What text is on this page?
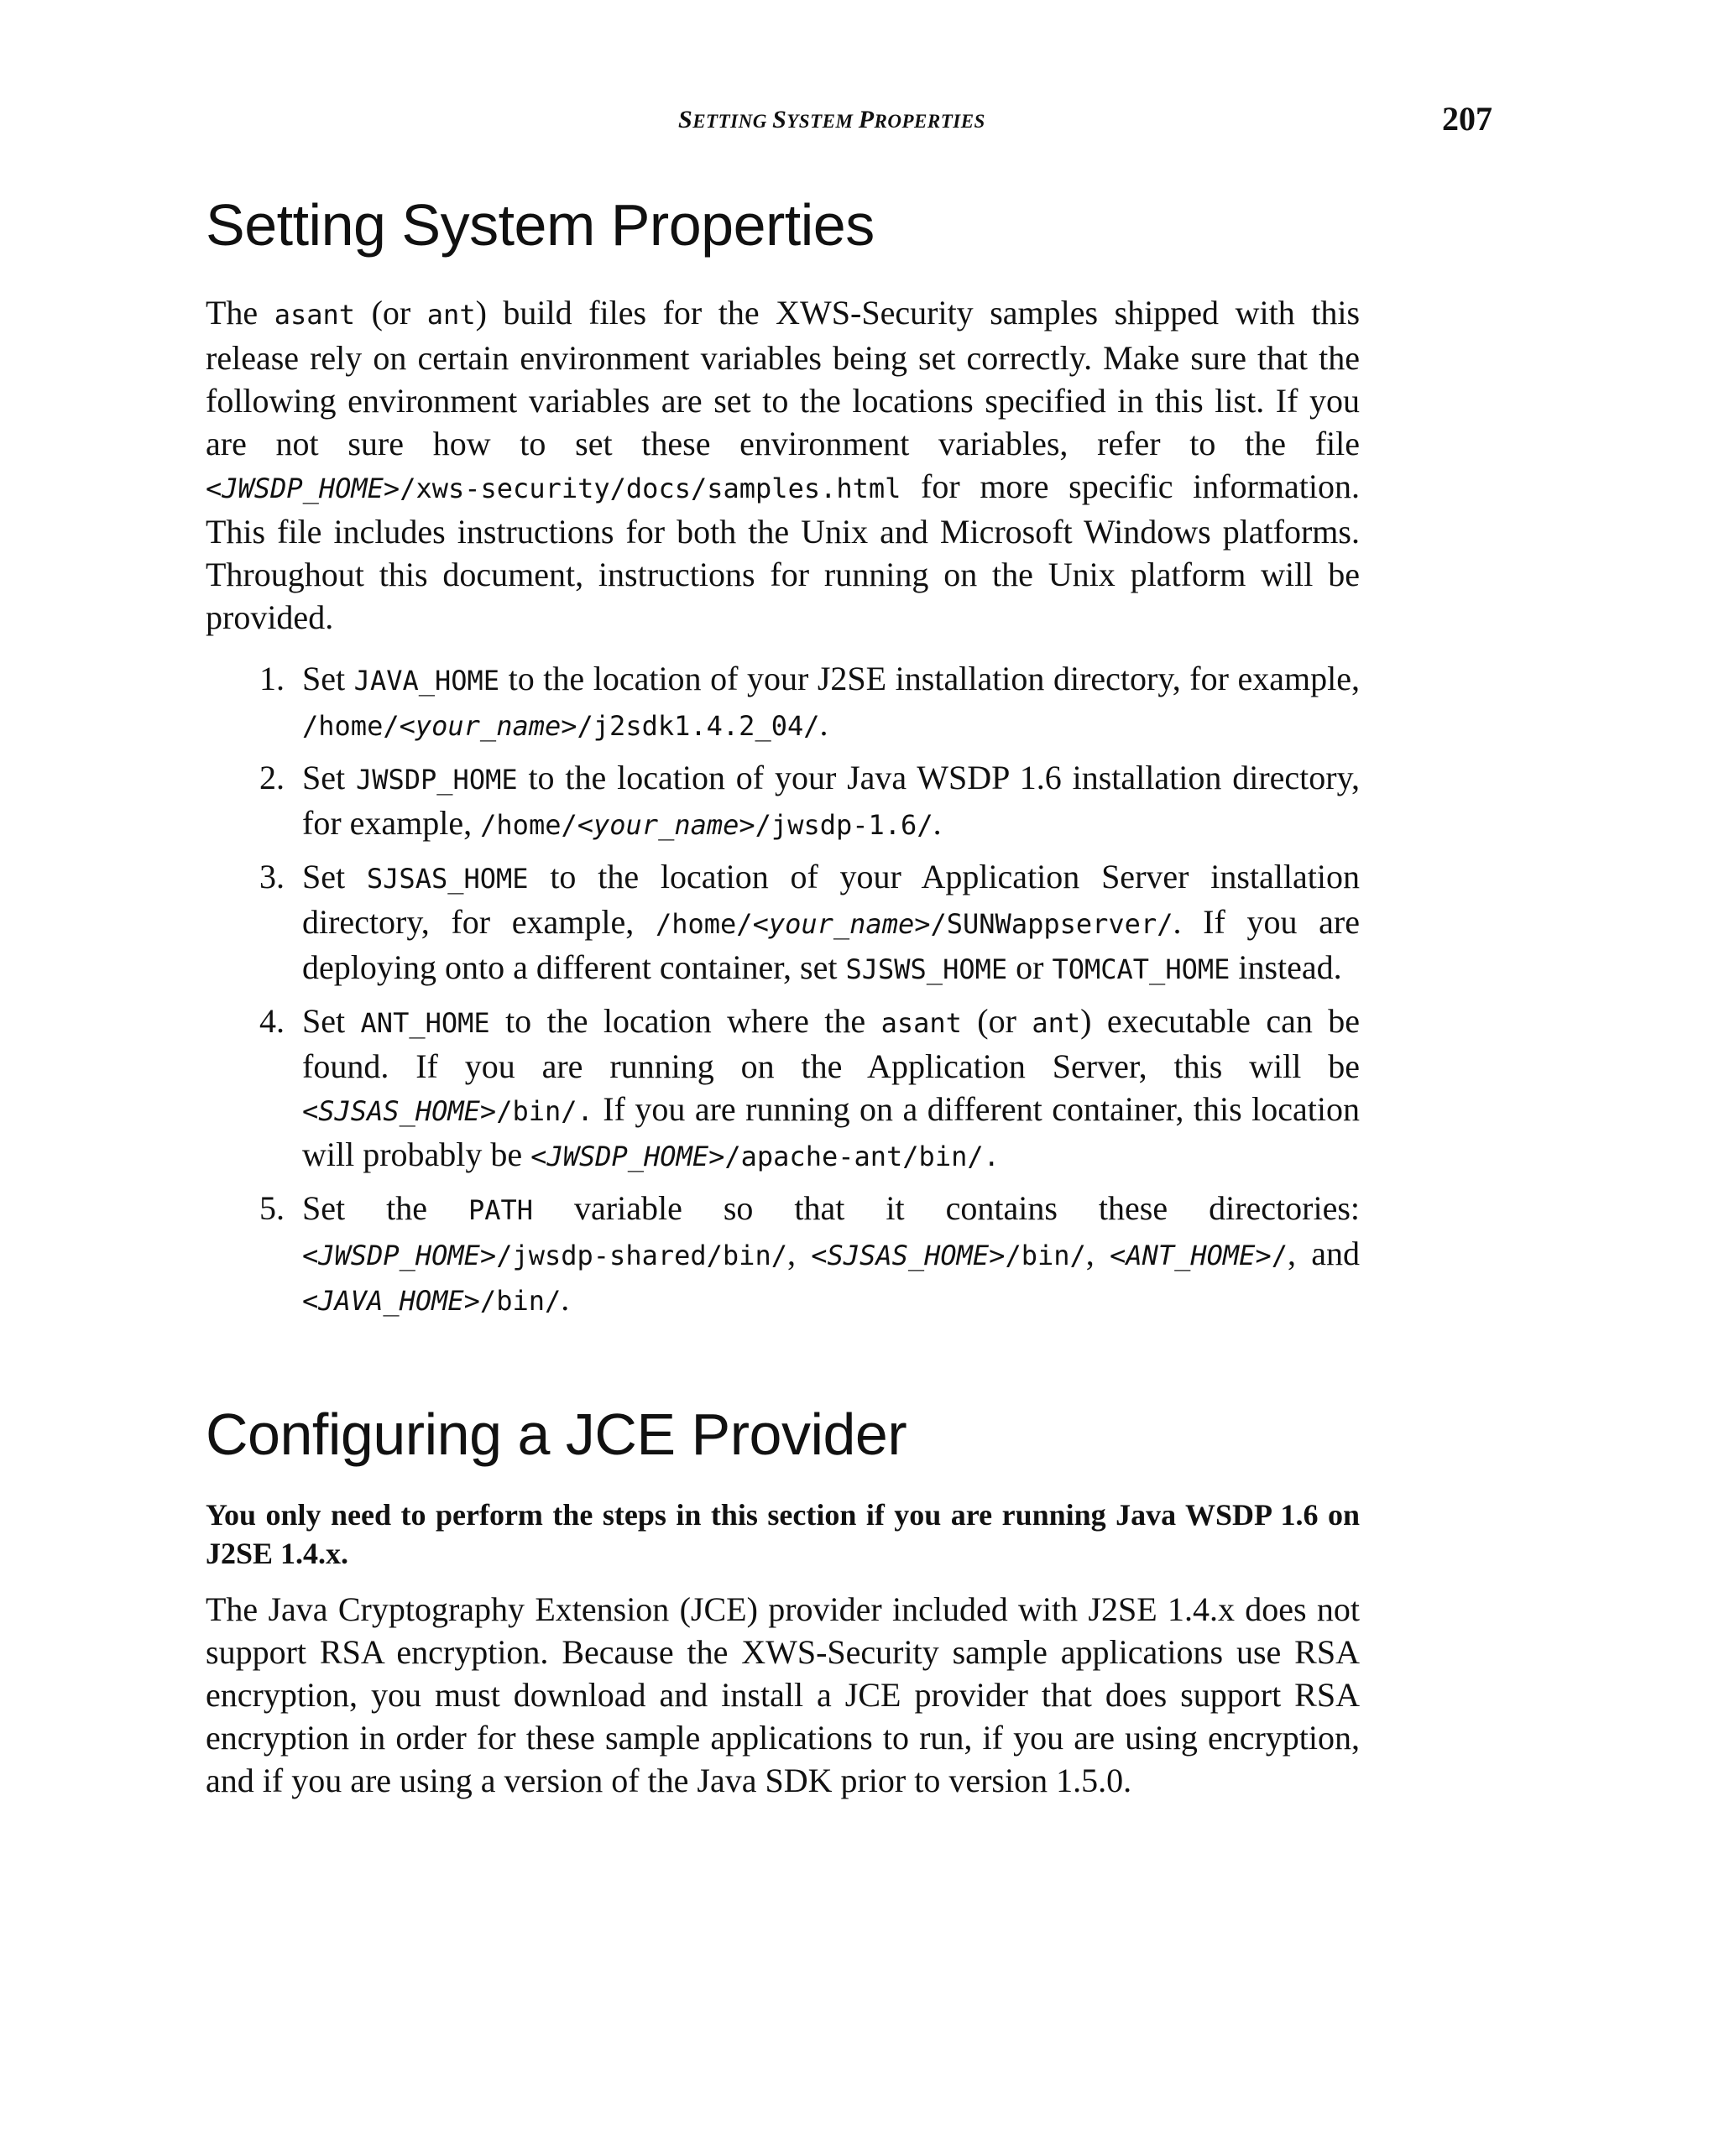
SETTING SYSTEM PROPERTIES	207
Setting System Properties

The asant (or ant) build files for the XWS-Security samples shipped with this release rely on certain environment variables being set correctly. Make sure that the following environment variables are set to the locations specified in this list. If you are not sure how to set these environment variables, refer to the file <JWSDP_HOME>/xws-security/docs/samples.html for more specific information. This file includes instructions for both the Unix and Microsoft Windows platforms. Throughout this document, instructions for running on the Unix platform will be provided.

1. Set JAVA_HOME to the location of your J2SE installation directory, for example, /home/<your_name>/j2sdk1.4.2_04/.
2. Set JWSDP_HOME to the location of your Java WSDP 1.6 installation directory, for example, /home/<your_name>/jwsdp-1.6/.
3. Set SJSAS_HOME to the location of your Application Server installation directory, for example, /home/<your_name>/SUNWappserver/. If you are deploying onto a different container, set SJSWS_HOME or TOMCAT_HOME instead.
4. Set ANT_HOME to the location where the asant (or ant) executable can be found. If you are running on the Application Server, this will be <SJSAS_HOME>/bin/. If you are running on a different container, this location will probably be <JWSDP_HOME>/apache-ant/bin/.
5. Set the PATH variable so that it contains these directories: <JWSDP_HOME>/jwsdp-shared/bin/, <SJSAS_HOME>/bin/, <ANT_HOME>/, and <JAVA_HOME>/bin/.
Configuring a JCE Provider

You only need to perform the steps in this section if you are running Java WSDP 1.6 on J2SE 1.4.x.

The Java Cryptography Extension (JCE) provider included with J2SE 1.4.x does not support RSA encryption. Because the XWS-Security sample applications use RSA encryption, you must download and install a JCE provider that does support RSA encryption in order for these sample applications to run, if you are using encryption, and if you are using a version of the Java SDK prior to version 1.5.0.
